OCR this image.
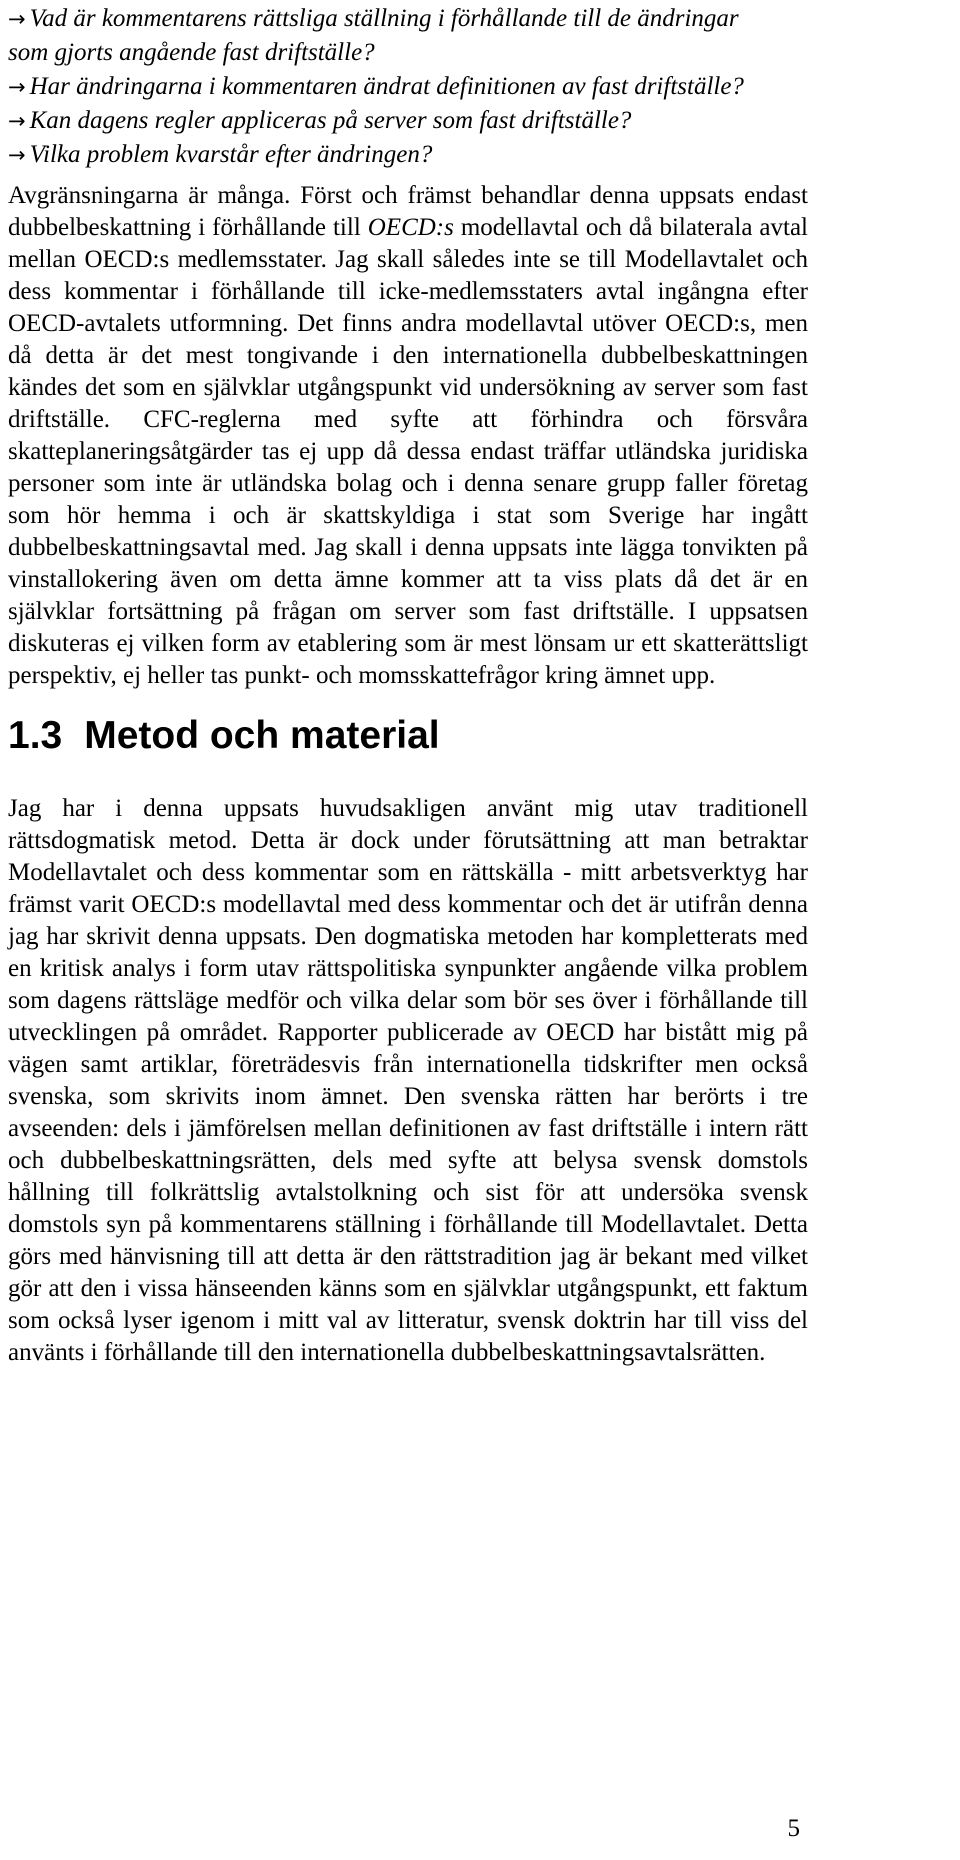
→ Vad är kommentarens rättsliga ställning i förhållande till de ändringar
som gjorts angående fast driftställe?
→ Har ändringarna i kommentaren ändrat definitionen av fast driftställe?
→ Kan dagens regler appliceras på server som fast driftställe?
→ Vilka problem kvarstår efter ändringen?

Avgränsningarna är många. Först och främst behandlar denna uppsats endast dubbelbeskattning i förhållande till OECD:s modellavtal och då bilaterala avtal mellan OECD:s medlemsstater. Jag skall således inte se till Modellavtalet och dess kommentar i förhållande till icke-medlemsstaters avtal ingångna efter OECD-avtalets utformning. Det finns andra modellavtal utöver OECD:s, men då detta är det mest tongivande i den internationella dubbelbeskattningen kändes det som en självklar utgångspunkt vid undersökning av server som fast driftställe. CFC-reglerna med syfte att förhindra och försvåra skatteplaneringsåtgärder tas ej upp då dessa endast träffar utländska juridiska personer som inte är utländska bolag och i denna senare grupp faller företag som hör hemma i och är skattskyldiga i stat som Sverige har ingått dubbelbeskattningsavtal med. Jag skall i denna uppsats inte lägga tonvikten på vinstallokering även om detta ämne kommer att ta viss plats då det är en självklar fortsättning på frågan om server som fast driftställe. I uppsatsen diskuteras ej vilken form av etablering som är mest lönsam ur ett skatterättsligt perspektiv, ej heller tas punkt- och momsskattefrågor kring ämnet upp.

1.3 Metod och material

Jag har i denna uppsats huvudsakligen använt mig utav traditionell rättsdogmatisk metod. Detta är dock under förutsättning att man betraktar Modellavtalet och dess kommentar som en rättskälla - mitt arbetsverktyg har främst varit OECD:s modellavtal med dess kommentar och det är utifrån denna jag har skrivit denna uppsats. Den dogmatiska metoden har kompletterats med en kritisk analys i form utav rättspolitiska synpunkter angående vilka problem som dagens rättsläge medför och vilka delar som bör ses över i förhållande till utvecklingen på området. Rapporter publicerade av OECD har bistått mig på vägen samt artiklar, företrädesvis från internationella tidskrifter men också svenska, som skrivits inom ämnet. Den svenska rätten har berörts i tre avseenden: dels i jämförelsen mellan definitionen av fast driftställe i intern rätt och dubbelbeskattningsrätten, dels med syfte att belysa svensk domstols hållning till folkrättslig avtalstolkning och sist för att undersöka svensk domstols syn på kommentarens ställning i förhållande till Modellavtalet. Detta görs med hänvisning till att detta är den rättstradition jag är bekant med vilket gör att den i vissa hänseenden känns som en självklar utgångspunkt, ett faktum som också lyser igenom i mitt val av litteratur, svensk doktrin har till viss del använts i förhållande till den internationella dubbelbeskattningsavtalsrätten.

5
